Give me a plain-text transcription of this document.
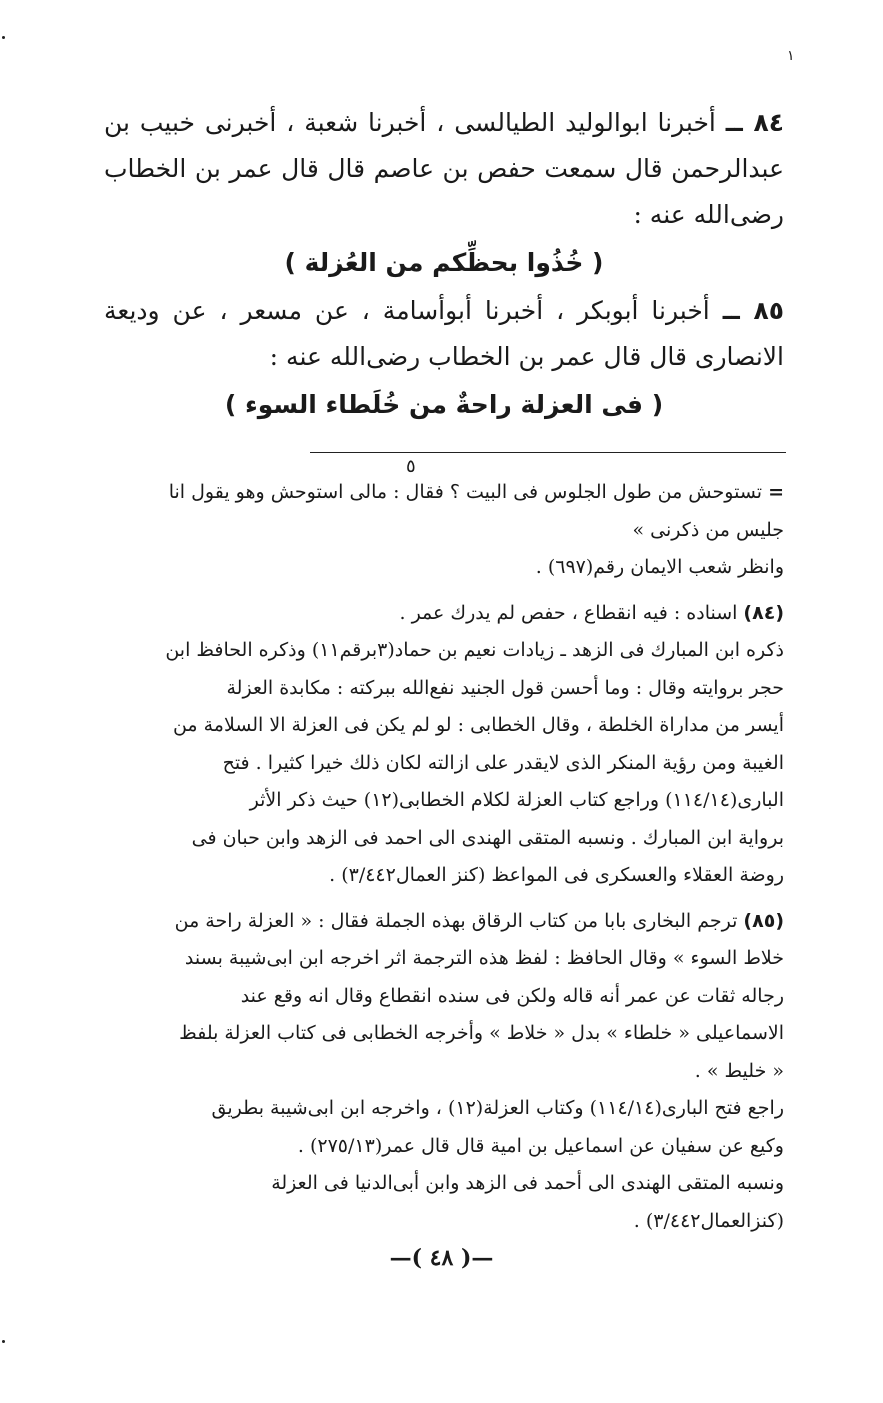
١
٨٤ ــ أخبرنا ابوالوليد الطيالسى ، أخبرنا شعبة ، أخبرنى خبيب بن عبدالرحمن قال سمعت حفص بن عاصم قال قال عمر بن الخطاب رضى‌الله عنه :
( خُذُوا بحظِّكم من العُزلة )
٨٥ ــ أخبرنا أبوبكر ، أخبرنا أبوأسامة ، عن مسعر ، عن وديعة الانصارى قال قال عمر بن الخطاب رضى‌الله عنه :
( فى العزلة راحةٌ من خُلَطاء السوء )
٥
=تستوحش من طول الجلوس فى البيت ؟ فقال : مالى استوحش وهو يقول انا
جليس من ذكرنى »
وانظر شعب الايمان رقم(٦٩٧) .
(٨٤)اسناده : فيه انقطاع ، حفص لم يدرك عمر .
ذكره ابن المبارك فى الزهد ـ زيادات نعيم بن حماد(٣برقم١١) وذكره الحافظ ابن
حجر بروايته وقال : وما أحسن قول الجنيد نفع‌الله ببركته : مكابدة العزلة
أيسر من مداراة الخلطة ، وقال الخطابى : لو لم يكن فى العزلة الا السلامة من
الغيبة ومن رؤية المنكر الذى لايقدر على ازالته لكان ذلك خيرا كثيرا . فتح
البارى(١١٤/١٤) وراجع كتاب العزلة لكلام الخطابى(١٢) حيث ذكر الأثر
برواية ابن المبارك . ونسبه المتقى الهندى الى احمد فى الزهد وابن حبان فى
روضة العقلاء والعسكرى فى المواعظ (كنز العمال٣/٤٤٢) .
(٨٥)ترجم البخارى بابا من كتاب الرقاق بهذه الجملة فقال : « العزلة راحة من
خلاط السوء » وقال الحافظ : لفظ هذه الترجمة اثر اخرجه ابن ابى‌شيبة بسند
رجاله ثقات عن عمر أنه قاله ولكن فى سنده انقطاع وقال انه وقع عند
الاسماعيلى « خلطاء » بدل « خلاط » وأخرجه الخطابى فى كتاب العزلة بلفظ
« خليط » .
راجع فتح البارى(١١٤/١٤) وكتاب العزلة(١٢) ، واخرجه ابن ابى‌شيبة بطريق
وكيع عن سفيان عن اسماعيل بن امية قال قال عمر(٢٧٥/١٣) .
ونسبه المتقى الهندى الى أحمد فى الزهد وابن أبى‌الدنيا فى العزلة
(كنزالعمال٣/٤٤٢) .
—( ٤٨ )—
